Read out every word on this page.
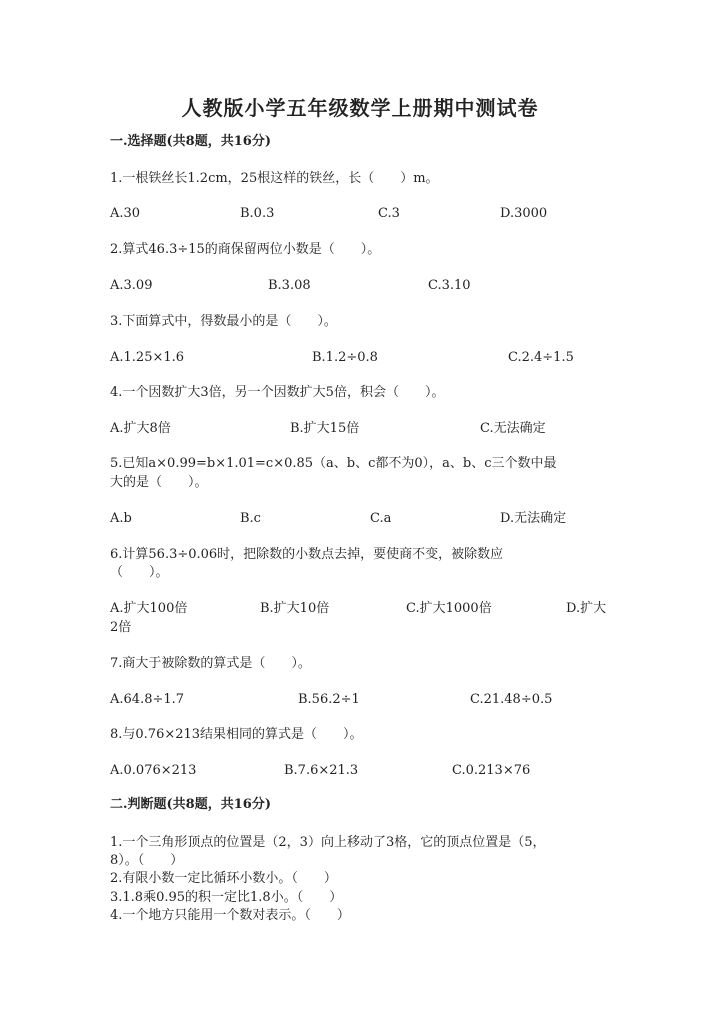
人教版小学五年级数学上册期中测试卷
一.选择题(共8题，共16分)
1.一根铁丝长1.2cm，25根这样的铁丝，长（　　）m。
A.30	B.0.3	C.3	D.3000
2.算式46.3÷15的商保留两位小数是（　　）。
A.3.09	B.3.08	C.3.10
3.下面算式中，得数最小的是（　　）。
A.1.25×1.6	B.1.2÷0.8	C.2.4÷1.5
4.一个因数扩大3倍，另一个因数扩大5倍，积会（　　）。
A.扩大8倍	B.扩大15倍	C.无法确定
5.已知a×0.99=b×1.01=c×0.85（a、b、c都不为0），a、b、c三个数中最
大的是（　　）。
A.b	B.c	C.a	D.无法确定
6.计算56.3÷0.06时，把除数的小数点去掉，要使商不变，被除数应
（　　）。
A.扩大100倍	B.扩大10倍	C.扩大1000倍	D.扩大
2倍
7.商大于被除数的算式是（　　）。
A.64.8÷1.7	B.56.2÷1	C.21.48÷0.5
8.与0.76×213结果相同的算式是（　　）。
A.0.076×213	B.7.6×21.3	C.0.213×76
二.判断题(共8题，共16分)
1.一个三角形顶点的位置是（2，3）向上移动了3格，它的顶点位置是（5，
8）。（　　）
2.有限小数一定比循环小数小。（　　）
3.1.8乘0.95的积一定比1.8小。（　　）
4.一个地方只能用一个数对表示。（　　）
